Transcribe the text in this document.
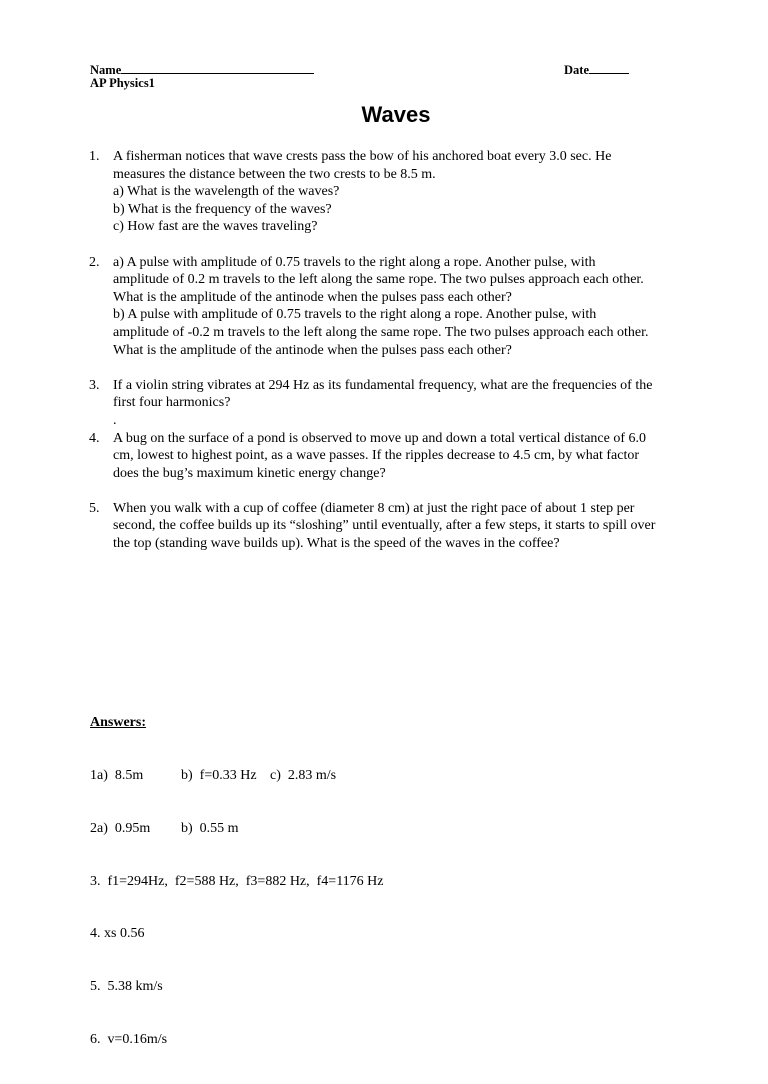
Name	Date
AP Physics1
Waves
1. A fisherman notices that wave crests pass the bow of his anchored boat every 3.0 sec. He
measures the distance between the two crests to be 8.5 m.
a) What is the wavelength of the waves?
b) What is the frequency of the waves?
c) How fast are the waves traveling?
2. a) A pulse with amplitude of 0.75 travels to the right along a rope. Another pulse, with
amplitude of 0.2 m travels to the left along the same rope. The two pulses approach each other.
What is the amplitude of the antinode when the pulses pass each other?
b) A pulse with amplitude of 0.75 travels to the right along a rope. Another pulse, with
amplitude of -0.2 m travels to the left along the same rope. The two pulses approach each other.
What is the amplitude of the antinode when the pulses pass each other?
3. If a violin string vibrates at 294 Hz as its fundamental frequency, what are the frequencies of the
first four harmonics?
.
4. A bug on the surface of a pond is observed to move up and down a total vertical distance of 6.0
cm, lowest to highest point, as a wave passes. If the ripples decrease to 4.5 cm, by what factor
does the bug’s maximum kinetic energy change?
5. When you walk with a cup of coffee (diameter 8 cm) at just the right pace of about 1 step per
second, the coffee builds up its “sloshing” until eventually, after a few steps, it starts to spill over
the top (standing wave builds up). What is the speed of the waves in the coffee?

Answers:

1a)  8.5m	b)  f=0.33 Hz c)  2.83 m/s

2a)  0.95m b)  0.55 m

3.  f1=294Hz,  f2=588 Hz,  f3=882 Hz,  f4=1176 Hz

4. xs 0.56

5.  5.38 km/s

6.  v=0.16m/s
